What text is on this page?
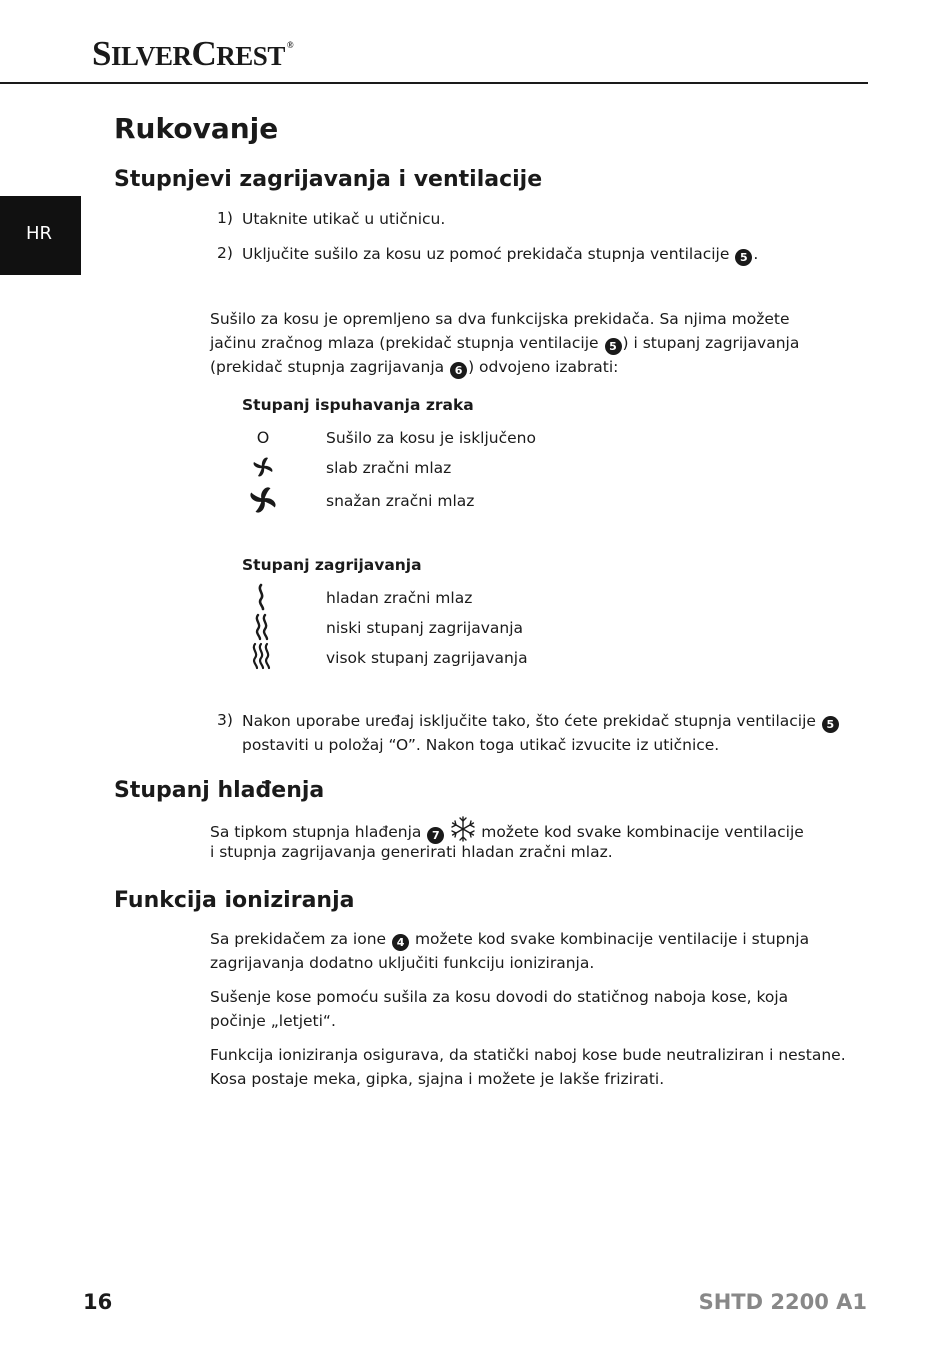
SILVERCREST ®
HR
Rukovanje
Stupnjevi zagrijavanja i ventilacije
1) Utaknite utikač u utičnicu.
2) Uključite sušilo za kosu uz pomoć prekidača stupnja ventilacije 5 .
Sušilo za kosu je opremljeno sa dva funkcijska prekidača. Sa njima možete
jačinu zračnog mlaza (prekidač stupnja ventilacije 5 ) i stupanj zagrijavanja
(prekidač stupnja zagrijavanja 6 ) odvojeno izabrati:
Stupanj ispuhavanja zraka
O	Sušilo za kosu je isključeno
slab zračni mlaz
snažan zračni mlaz
Stupanj zagrijavanja
hladan zračni mlaz
niski stupanj zagrijavanja
visok stupanj zagrijavanja
3) Nakon uporabe uređaj isključite tako, što ćete prekidač stupnja ventilacije 5
postaviti u položaj “O”. Nakon toga utikač izvucite iz utičnice.
Stupanj hlađenja
Sa tipkom stupnja hlađenja 7  možete kod svake kombinacije ventilacije
i stupnja zagrijavanja generirati hladan zračni mlaz.
Funkcija ioniziranja
Sa prekidačem za ione 4 možete kod svake kombinacije ventilacije i stupnja
zagrijavanja dodatno uključiti funkciju ioniziranja.
Sušenje kose pomoću sušila za kosu dovodi do statičnog naboja kose, koja
počinje „letjeti“.
Funkcija ioniziranja osigurava, da statički naboj kose bude neutraliziran i nestane.
Kosa postaje meka, gipka, sjajna i možete je lakše frizirati.
16	SHTD 2200 A1
